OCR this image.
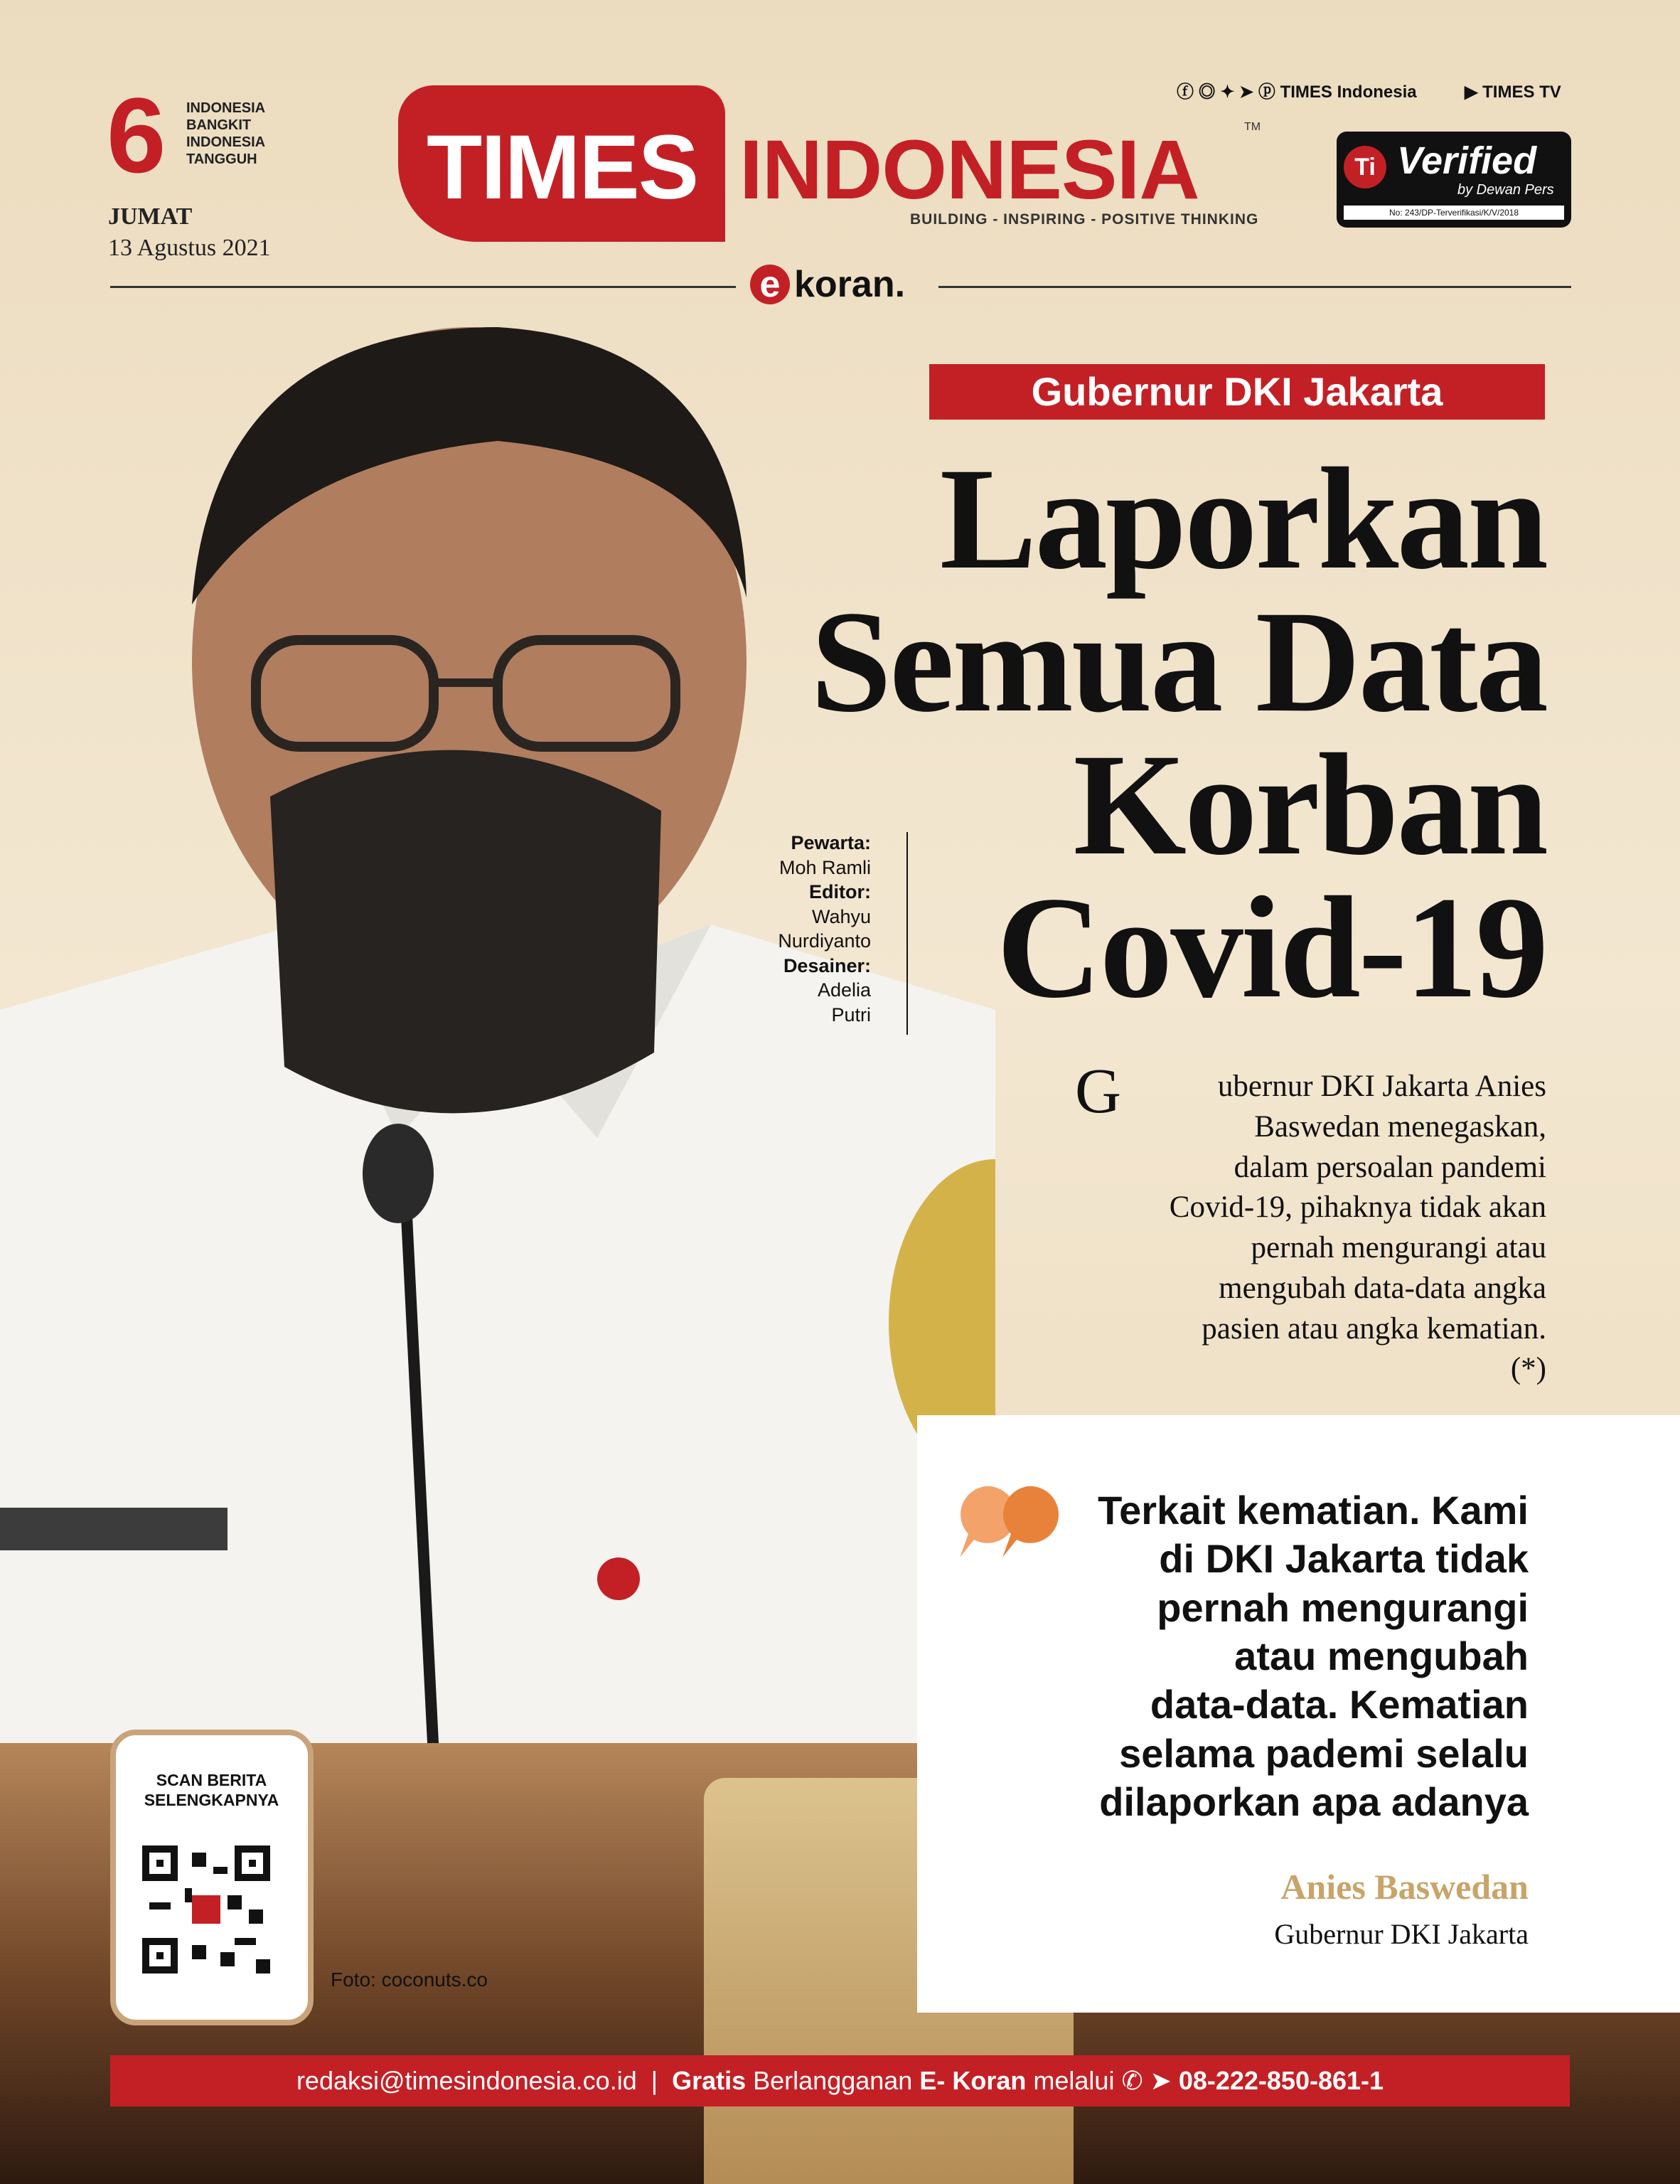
6 INDONESIA
BANGKIT
INDONESIA
TANGGUH
JUMAT
13 Agustus 2021
TIMES INDONESIA	TM
BUILDING - INSPIRING - POSITIVE THINKING
ⓕ ◎ ✦ ➤ ⓟ TIMES Indonesia	▶ TIMES TV
Ti Verified
by Dewan Pers
No: 243/DP-Terverifikasi/K/V/2018
e koran.
Gubernur DKI Jakarta
Laporkan
Semua Data
Korban
Covid-19
Pewarta:
Moh Ramli
Editor:
Wahyu
Nurdiyanto
Desainer:
Adelia
Putri
G	ubernur DKI Jakarta Anies
Baswedan menegaskan,
dalam persoalan pandemi
Covid-19, pihaknya tidak akan
pernah mengurangi atau
mengubah data-data angka
pasien atau angka kematian.
(*)
Terkait kematian. Kami
di DKI Jakarta tidak
pernah mengurangi
atau mengubah
data-data. Kematian
selama pademi selalu
dilaporkan apa adanya
Anies Baswedan
Gubernur DKI Jakarta
SCAN BERITA
SELENGKAPNYA
Foto: coconuts.co
redaksi@timesindonesia.co.id  |  Gratis Berlangganan E- Koran melalui ✆ ➤ 08-222-850-861-1
